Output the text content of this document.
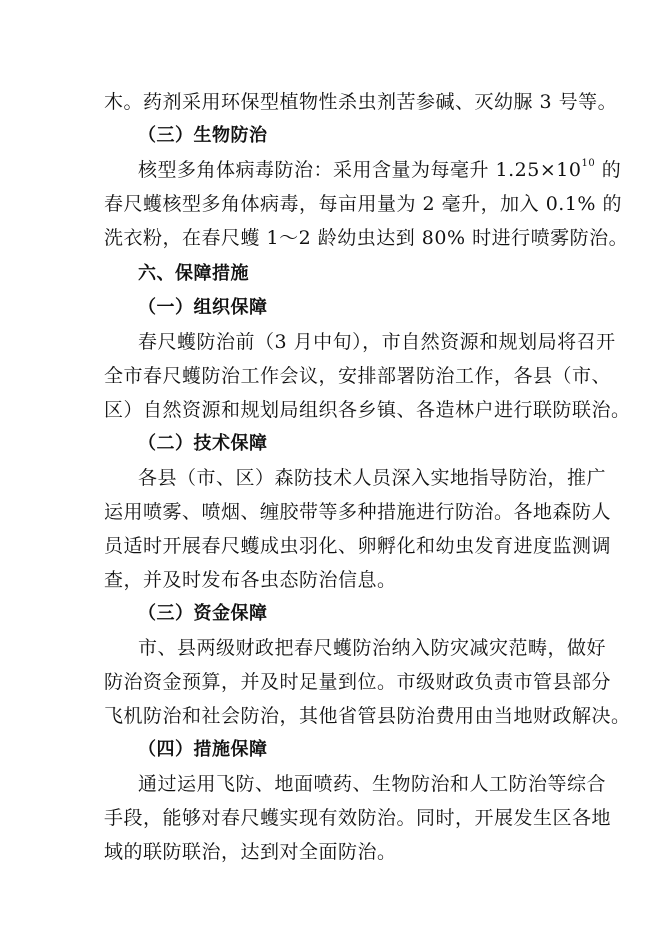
木。药剂采用环保型植物性杀虫剂苦参碱、灭幼脲 3 号等。
（三）生物防治
核型多角体病毒防治：采用含量为每毫升 $1.25\times 10^{10}$ 的
春尺蠖核型多角体病毒，每亩用量为 2 毫升，加入 0.1% 的
洗衣粉，在春尺蠖 1～2 龄幼虫达到 80% 时进行喷雾防治。
六、保障措施
（一）组织保障
春尺蠖防治前（3 月中旬），市自然资源和规划局将召开
全市春尺蠖防治工作会议，安排部署防治工作，各县（市、
区）自然资源和规划局组织各乡镇、各造林户进行联防联治。
（二）技术保障
各县（市、区）森防技术人员深入实地指导防治，推广
运用喷雾、喷烟、缠胶带等多种措施进行防治。各地森防人
员适时开展春尺蠖成虫羽化、卵孵化和幼虫发育进度监测调
查，并及时发布各虫态防治信息。
（三）资金保障
市、县两级财政把春尺蠖防治纳入防灾减灾范畴，做好
防治资金预算，并及时足量到位。市级财政负责市管县部分
飞机防治和社会防治，其他省管县防治费用由当地财政解决。
（四）措施保障
通过运用飞防、地面喷药、生物防治和人工防治等综合
手段，能够对春尺蠖实现有效防治。同时，开展发生区各地
域的联防联治，达到对全面防治。
